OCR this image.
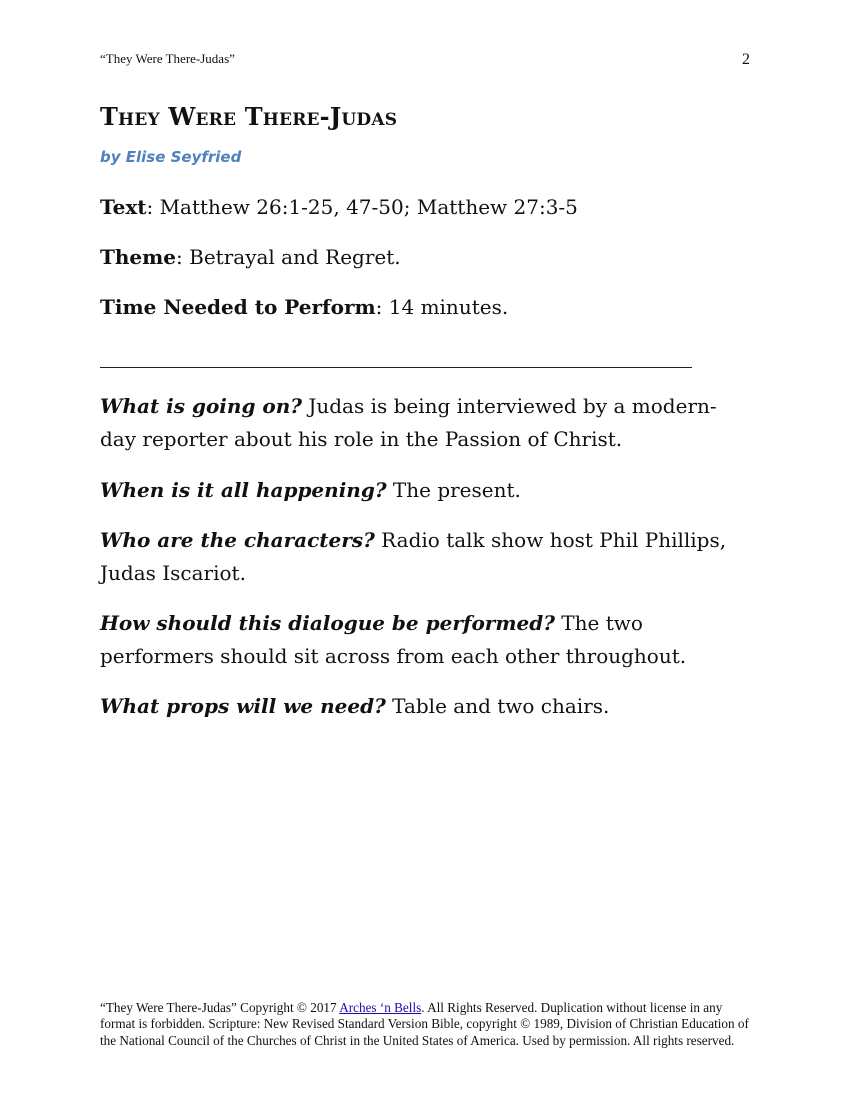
“They Were There-Judas”	2
They Were There-Judas
by Elise Seyfried
Text: Matthew 26:1-25, 47-50; Matthew 27:3-5
Theme: Betrayal and Regret.
Time Needed to Perform: 14 minutes.
What is going on? Judas is being interviewed by a modern-day reporter about his role in the Passion of Christ.
When is it all happening? The present.
Who are the characters? Radio talk show host Phil Phillips, Judas Iscariot.
How should this dialogue be performed? The two performers should sit across from each other throughout.
What props will we need? Table and two chairs.
“They Were There-Judas” Copyright © 2017 Arches ‘n Bells. All Rights Reserved. Duplication without license in any format is forbidden. Scripture: New Revised Standard Version Bible, copyright © 1989, Division of Christian Education of the National Council of the Churches of Christ in the United States of America. Used by permission. All rights reserved.
